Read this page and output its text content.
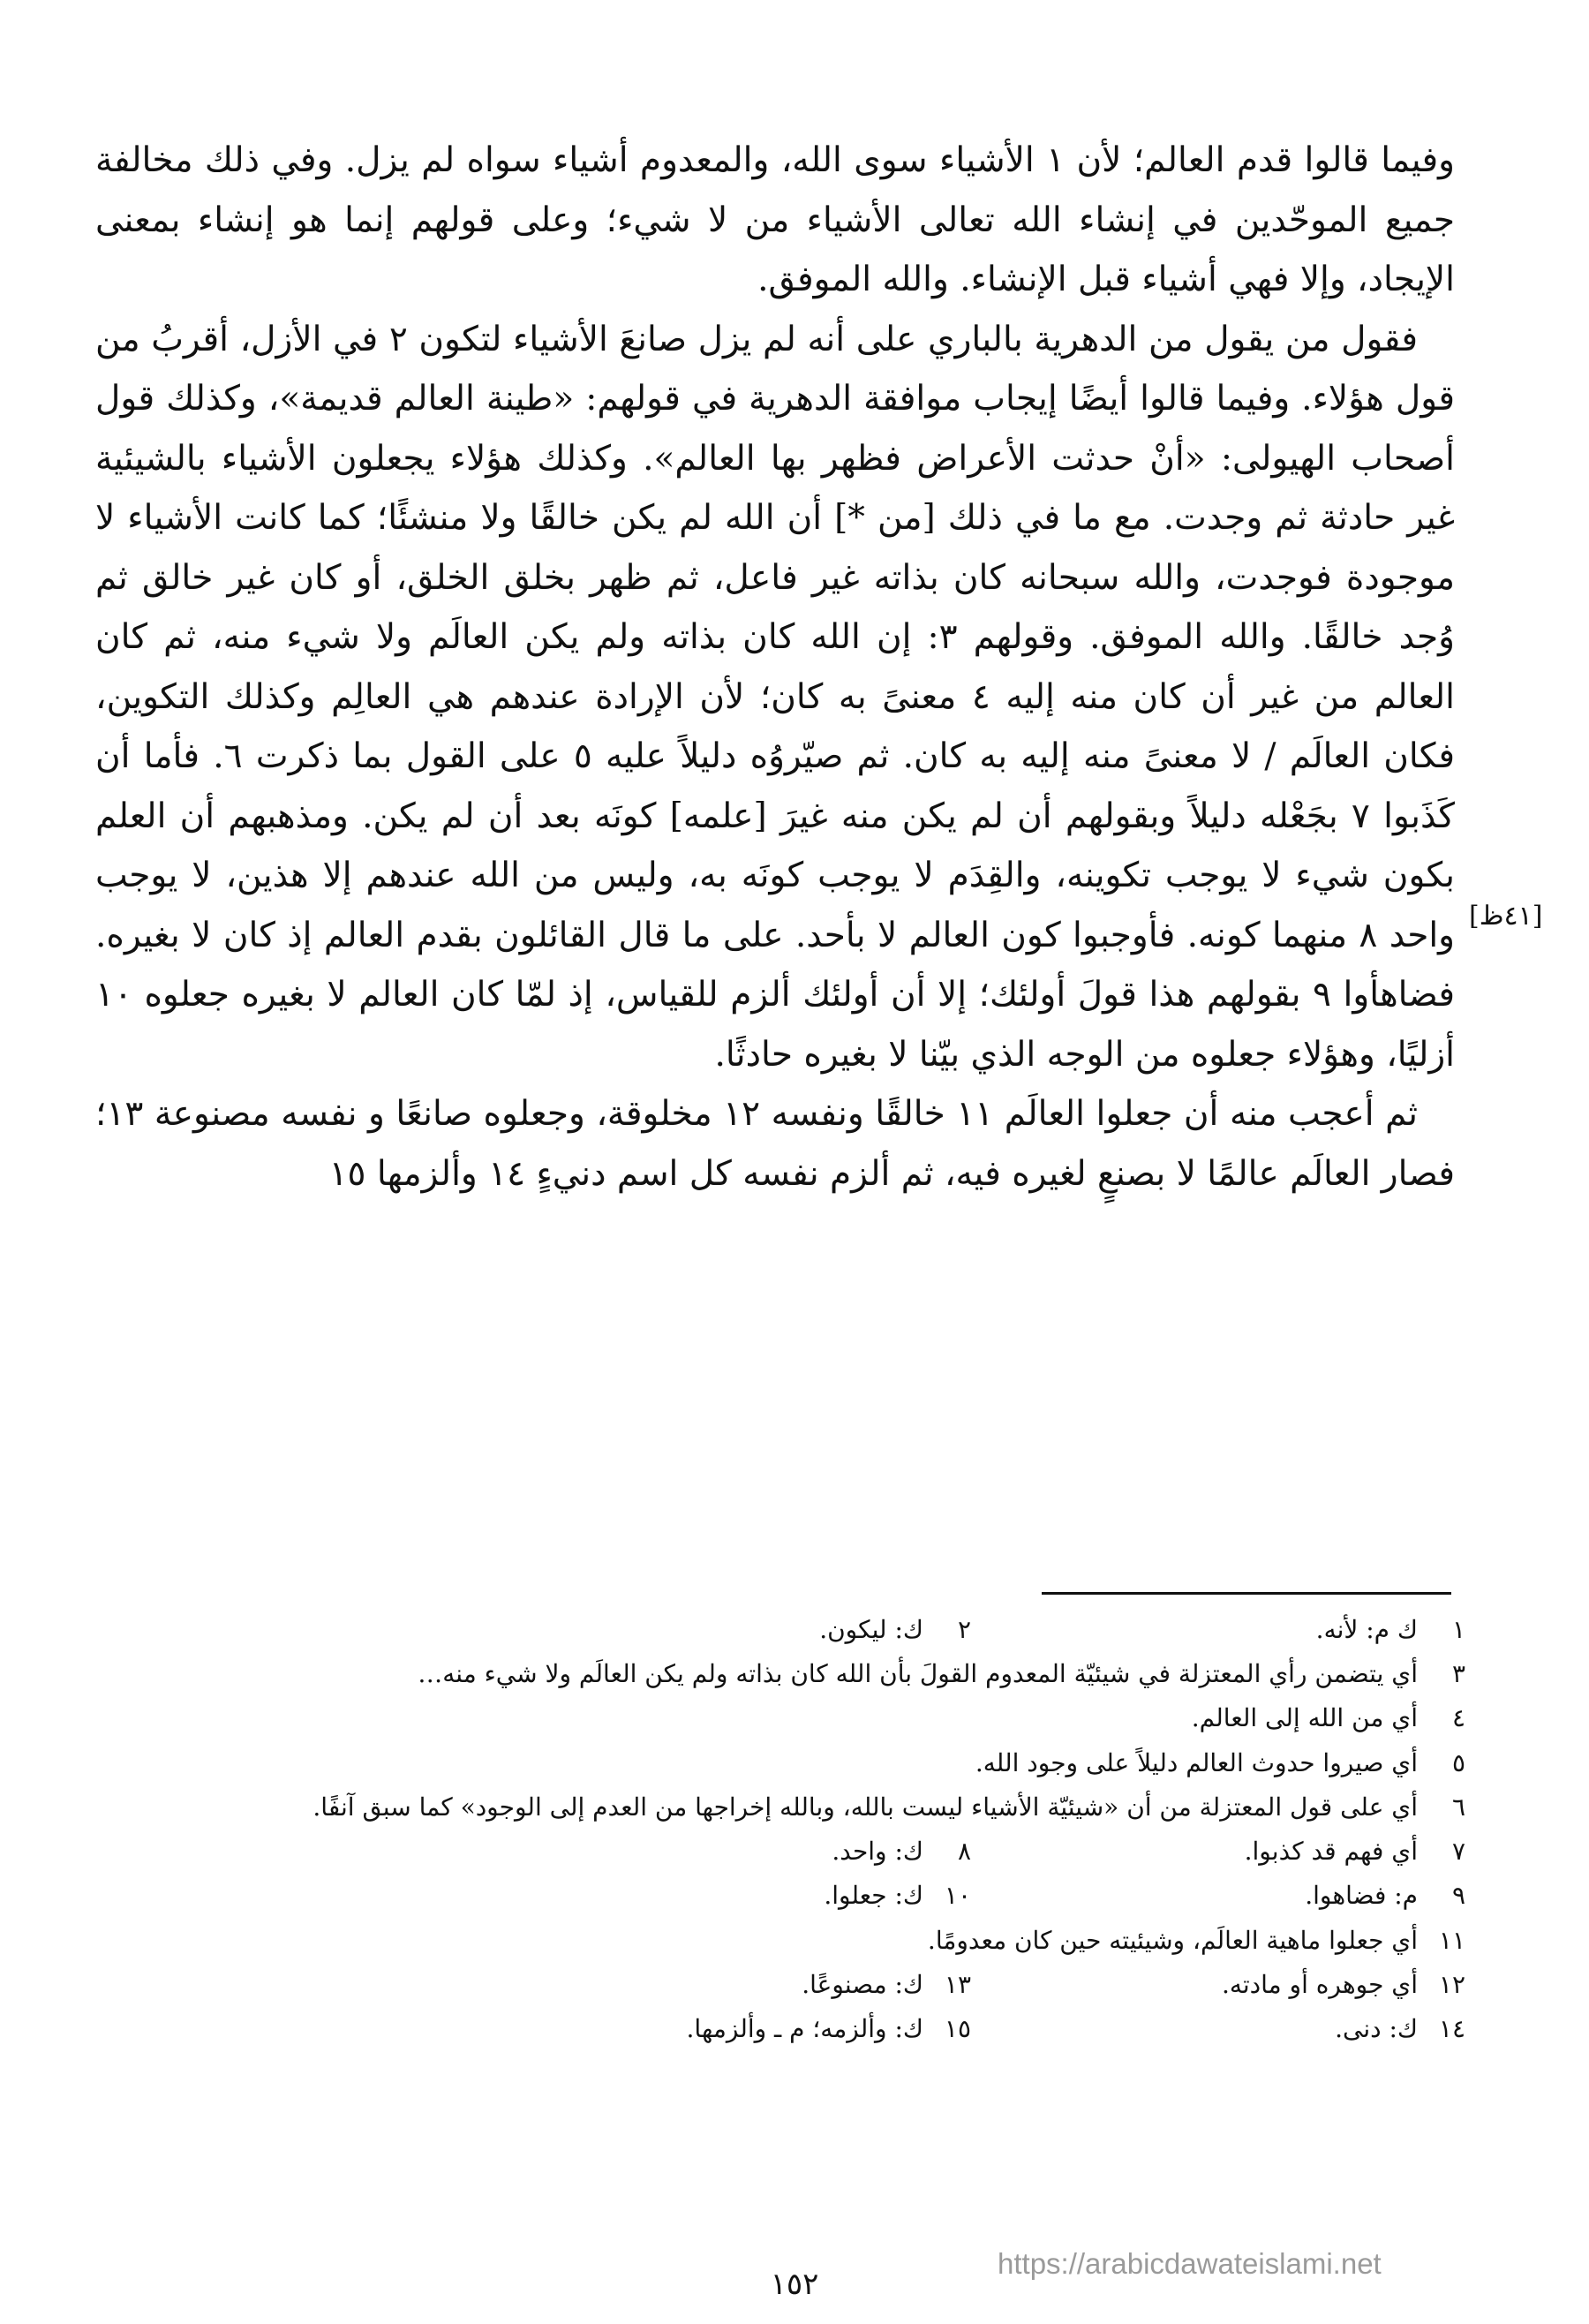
وفيما قالوا قدم العالم؛ لأن ١ الأشياء سوى الله، والمعدوم أشياء سواه لم يزل. وفي ذلك مخالفة جميع الموحّدين في إنشاء الله تعالى الأشياء من لا شيء؛ وعلى قولهم إنما هو إنشاء بمعنى الإيجاد، وإلا فهي أشياء قبل الإنشاء. والله الموفق.

فقول من يقول من الدهرية بالباري على أنه لم يزل صانعَ الأشياء لتكون ٢ في الأزل، أقربُ من قول هؤلاء. وفيما قالوا أيضًا إيجاب موافقة الدهرية في قولهم: «طينة العالم قديمة»، وكذلك قول أصحاب الهيولى: «أنْ حدثت الأعراض فظهر بها العالم». وكذلك هؤلاء يجعلون الأشياء بالشيئية غير حادثة ثم وجدت. مع ما في ذلك [من *] أن الله لم يكن خالقًا ولا منشئًا؛ كما كانت الأشياء لا موجودة فوجدت، والله سبحانه كان بذاته غير فاعل، ثم ظهر بخلق الخلق، أو كان غير خالق ثم وُجد خالقًا. والله الموفق. وقولهم ٣: إن الله كان بذاته ولم يكن العالَم ولا شيء منه، ثم كان العالم من غير أن كان منه إليه ٤ معنىً به كان؛ لأن الإرادة عندهم هي العالِم وكذلك التكوين، فكان العالَم / لا معنىً منه إليه به كان. ثم صيّروُه دليلاً عليه ٥ على القول بما ذكرت ٦. فأما أن كَذَبوا ٧ بجَعْله دليلاً وبقولهم أن لم يكن منه غيرَ [علمه] كونَه بعد أن لم يكن. ومذهبهم أن العلم بكون شيء لا يوجب تكوينه، والقِدَم لا يوجب كونَه به، وليس من الله عندهم إلا هذين، لا يوجب واحد ٨ منهما كونه. فأوجبوا كون العالم لا بأحد. على ما قال القائلون بقدم العالم إذ كان لا بغيره. فضاهأوا ٩ بقولهم هذا قولَ أولئك؛ إلا أن أولئك ألزم للقياس، إذ لمّا كان العالم لا بغيره جعلوه ١٠ أزليًا، وهؤلاء جعلوه من الوجه الذي بيّنا لا بغيره حادثًا.

ثم أعجب منه أن جعلوا العالَم ١١ خالقًا ونفسه ١٢ مخلوقة، وجعلوه صانعًا و نفسه مصنوعة ١٣؛ فصار العالَم عالمًا لا بصنعٍ لغيره فيه، ثم ألزم نفسه كل اسم دنيءٍ ١٤ وألزمها ١٥

[٤١ظ]
١
ك م: لأنه.
٢
ك: ليكون.
٣
أي يتضمن رأي المعتزلة في شيئيّة المعدوم القولَ بأن الله كان بذاته ولم يكن العالَم ولا شيء منه…
٤
أي من الله إلى العالم.
٥
أي صيروا حدوث العالم دليلاً على وجود الله.
٦
أي على قول المعتزلة من أن «شيئيّة الأشياء ليست بالله، وبالله إخراجها من العدم إلى الوجود» كما سبق آنفًا.
٧
أي فهم قد كذبوا.
٨
ك: واحد.
٩
م: فضاهوا.
١٠
ك: جعلوا.
١١
أي جعلوا ماهية العالَم، وشيئيته حين كان معدومًا.
١٢
أي جوهره أو مادته.
١٣
ك: مصنوعًا.
١٤
ك: دنى.
١٥
ك: وألزمه؛ م ـ وألزمها.
https://arabicdawateislami.net
١٥٢
